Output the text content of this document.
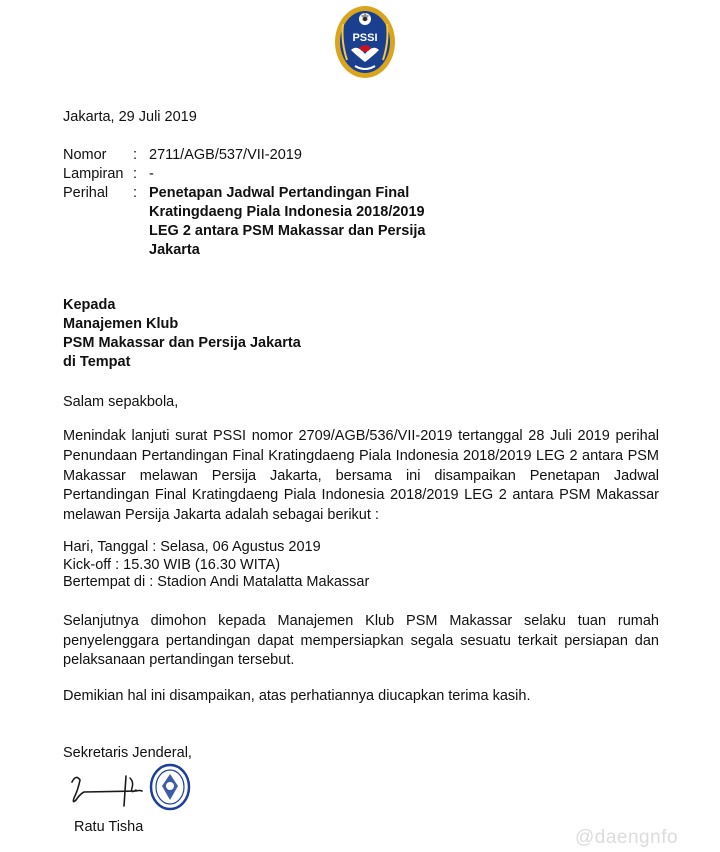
PSSI
Jakarta, 29 Juli 2019
Nomor	: 2711/AGB/537/VII-2019
Lampiran : -
Perihal	: Penetapan Jadwal Pertandingan Final Kratingdaeng Piala Indonesia 2018/2019 LEG 2 antara PSM Makassar dan Persija Jakarta
Kepada
Manajemen Klub
PSM Makassar dan Persija Jakarta
di Tempat
Salam sepakbola,
Menindak lanjuti surat PSSI nomor 2709/AGB/536/VII-2019 tertanggal 28 Juli 2019 perihal Penundaan Pertandingan Final Kratingdaeng Piala Indonesia 2018/2019 LEG 2 antara PSM Makassar melawan Persija Jakarta, bersama ini disampaikan Penetapan Jadwal Pertandingan Final Kratingdaeng Piala Indonesia 2018/2019 LEG 2 antara PSM Makassar melawan Persija Jakarta adalah sebagai berikut :
Hari, Tanggal : Selasa, 06 Agustus 2019
Kick-off : 15.30 WIB (16.30 WITA)
Bertempat di : Stadion Andi Matalatta Makassar
Selanjutnya dimohon kepada Manajemen Klub PSM Makassar selaku tuan rumah penyelenggara pertandingan dapat mempersiapkan segala sesuatu terkait persiapan dan pelaksanaan pertandingan tersebut.
Demikian hal ini disampaikan, atas perhatiannya diucapkan terima kasih.
Sekretaris Jenderal,
Ratu Tisha	@daengnfo
